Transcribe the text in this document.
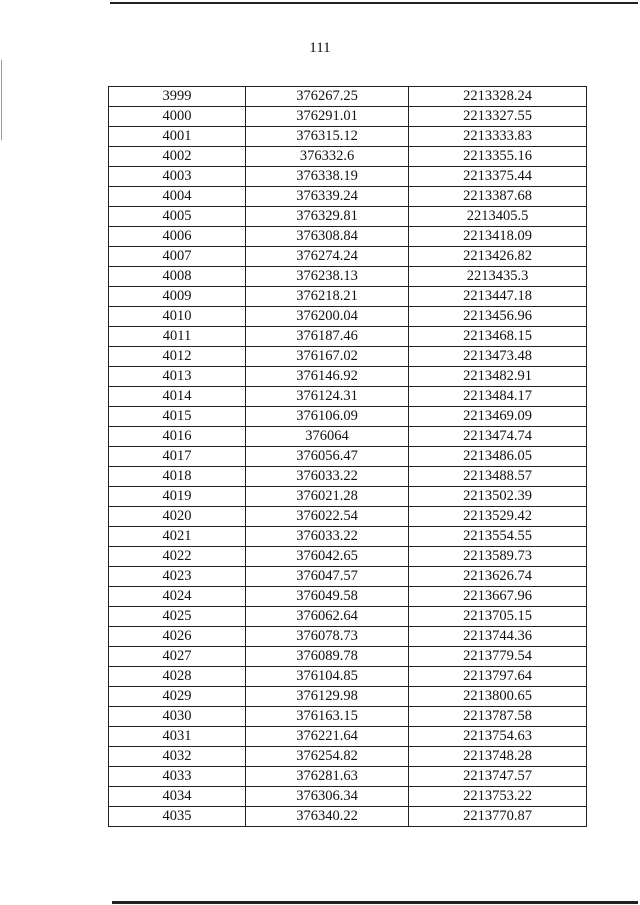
111
3999	376267.25	2213328.24
4000	376291.01	2213327.55
4001	376315.12	2213333.83
4002	376332.6	2213355.16
4003	376338.19	2213375.44
4004	376339.24	2213387.68
4005	376329.81	2213405.5
4006	376308.84	2213418.09
4007	376274.24	2213426.82
4008	376238.13	2213435.3
4009	376218.21	2213447.18
4010	376200.04	2213456.96
4011	376187.46	2213468.15
4012	376167.02	2213473.48
4013	376146.92	2213482.91
4014	376124.31	2213484.17
4015	376106.09	2213469.09
4016	376064	2213474.74
4017	376056.47	2213486.05
4018	376033.22	2213488.57
4019	376021.28	2213502.39
4020	376022.54	2213529.42
4021	376033.22	2213554.55
4022	376042.65	2213589.73
4023	376047.57	2213626.74
4024	376049.58	2213667.96
4025	376062.64	2213705.15
4026	376078.73	2213744.36
4027	376089.78	2213779.54
4028	376104.85	2213797.64
4029	376129.98	2213800.65
4030	376163.15	2213787.58
4031	376221.64	2213754.63
4032	376254.82	2213748.28
4033	376281.63	2213747.57
4034	376306.34	2213753.22
4035	376340.22	2213770.87
